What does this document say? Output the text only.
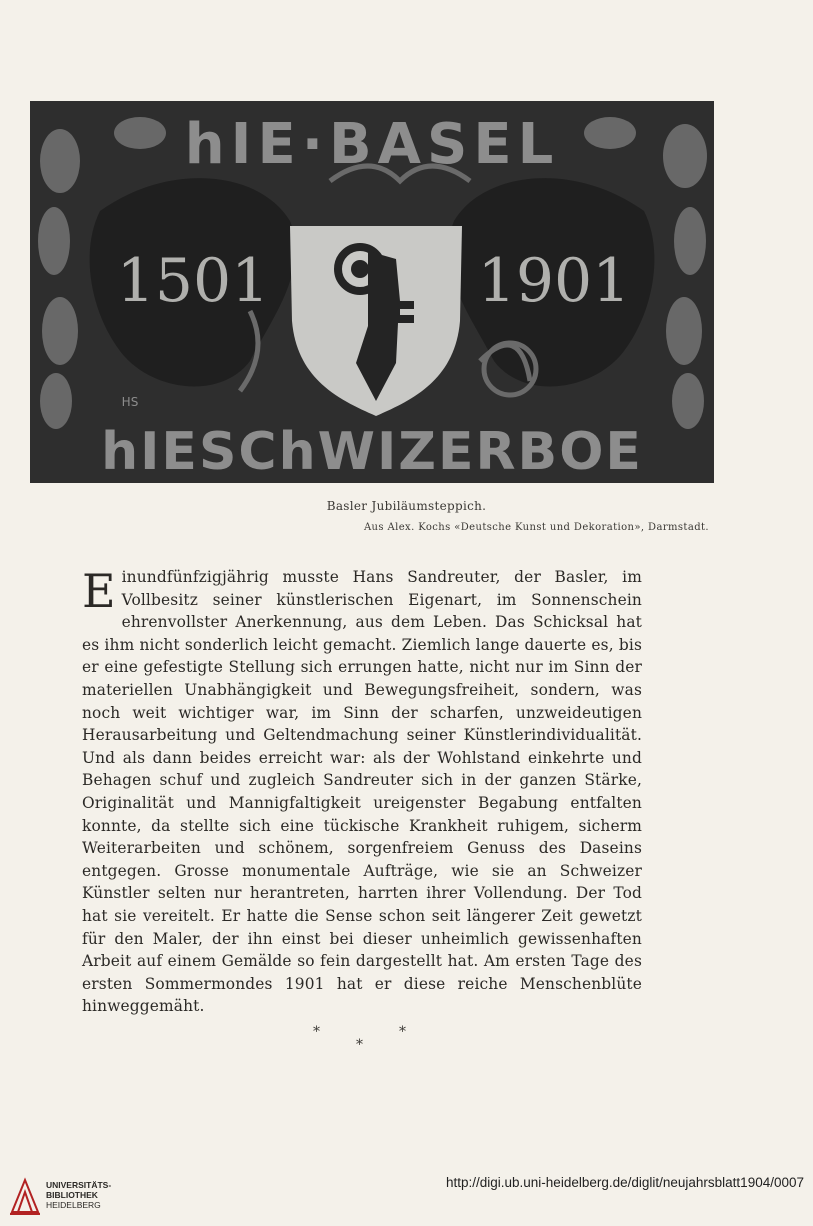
hIE·BASEL
1501	1901
HS
hIESChWIZERBOE
Basler Jubiläumsteppich.
Aus Alex. Kochs «Deutsche Kunst und Dekoration», Darmstadt.

Einundfünfzigjährig musste Hans Sandreuter, der Basler, im Vollbesitz seiner künstlerischen Eigenart, im Sonnenschein ehrenvollster Anerkennung, aus dem Leben. Das Schicksal hat es ihm nicht sonderlich leicht gemacht. Ziemlich lange dauerte es, bis er eine gefestigte Stellung sich errungen hatte, nicht nur im Sinn der materiellen Unabhängigkeit und Bewegungsfreiheit, sondern, was noch weit wichtiger war, im Sinn der scharfen, unzweideutigen Herausarbeitung und Geltendmachung seiner Künstlerindividualität. Und als dann beides erreicht war: als der Wohlstand einkehrte und Behagen schuf und zugleich Sandreuter sich in der ganzen Stärke, Originalität und Mannigfaltigkeit ureigenster Begabung entfalten konnte, da stellte sich eine tückische Krankheit ruhigem, sicherm Weiterarbeiten und schönem, sorgenfreiem Genuss des Daseins entgegen. Grosse monumentale Aufträge, wie sie an Schweizer Künstler selten nur herantreten, harrten ihrer Vollendung. Der Tod hat sie vereitelt. Er hatte die Sense schon seit längerer Zeit gewetzt für den Maler, der ihn einst bei dieser unheimlich gewissenhaften Arbeit auf einem Gemälde so fein dargestellt hat. Am ersten Tage des ersten Sommermondes 1901 hat er diese reiche Menschenblüte hinweggemäht.

*	*
*
UNIVERSITÄTS-
BIBLIOTHEK
HEIDELBERG
http://digi.ub.uni-heidelberg.de/diglit/neujahrsblatt1904/0007
